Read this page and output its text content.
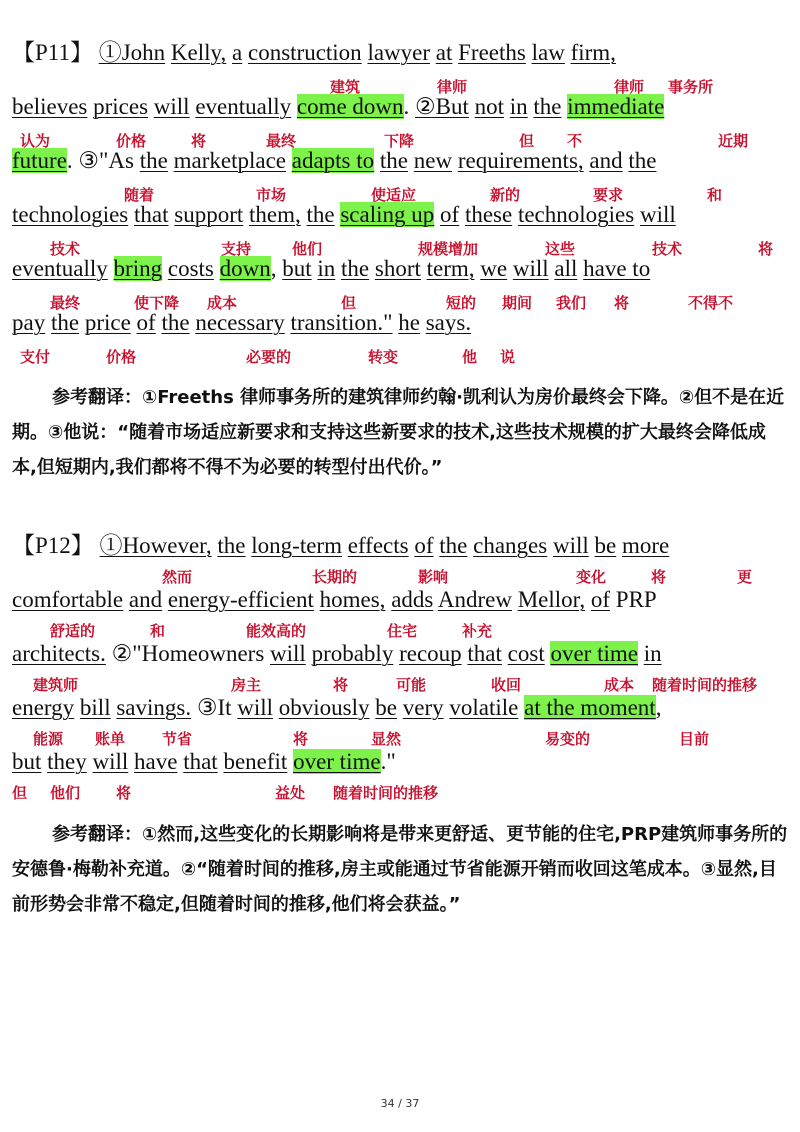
【P11】 ①John Kelly, a construction lawyer at Freeths law firm,
believes prices will eventually come down. ②But not in the immediate
future. ③"As the marketplace adapts to the new requirements, and the
technologies that support them, the scaling up of these technologies will
eventually bring costs down, but in the short term, we will all have to
pay the price of the necessary transition." he says.
建筑	律师	律师 事务所
认为	价格	将	最终	下降	但 不	近期
随着	市场	使适应	新的	要求	和
技术	支持	他们	规模增加	这些	技术	将
最终	使下降 成本	但	短的 期间 我们 将	不得不
支付	价格	必要的	转变	他 说

参考翻译：①Freeths 律师事务所的建筑律师约翰·凯利认为房价最终会下降。②但不是在近期。③他说：“随着市场适应新要求和支持这些新要求的技术,这些技术规模的扩大最终会降低成本,但短期内,我们都将不得不为必要的转型付出代价。”

【P12】 ①However, the long-term effects of the changes will be more
comfortable and energy-efficient homes, adds Andrew Mellor, of PRP
architects. ②"Homeowners will probably recoup that cost over time in
energy bill savings. ③It will obviously be very volatile at the moment,
but they will have that benefit over time."
然而	长期的	影响	变化	将	更
舒适的	和	能效高的	住宅	补充
建筑师	房主	将	可能	收回	成本 随着时间的推移
能源 账单 节省	将	显然	易变的	目前
但 他们 将	益处 随着时间的推移

参考翻译：①然而,这些变化的长期影响将是带来更舒适、更节能的住宅,PRP建筑师事务所的安德鲁·梅勒补充道。②“随着时间的推移,房主或能通过节省能源开销而收回这笔成本。③显然,目前形势会非常不稳定,但随着时间的推移,他们将会获益。”

34 / 37
